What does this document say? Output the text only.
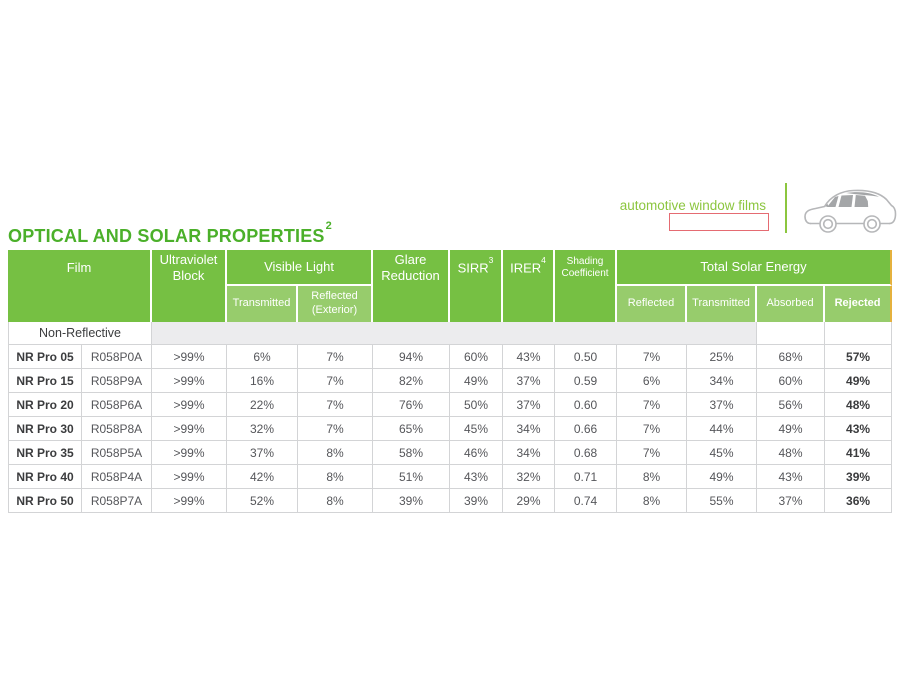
automotive window films
OPTICAL AND SOLAR PROPERTIES$^2$
Film		Ultraviolet Block	Visible Light		Glare Reduction	SIRR$^3$	IRER$^4$	Shading Coefficient	Total Solar Energy			
			Transmitted	Reflected (Exterior)					Reflected	Transmitted	Absorbed	Rejected
Non-Reflective												
NR Pro 05	R058P0A	>99%	6%	7%	94%	60%	43%	0.50	7%	25%	68%	57%
NR Pro 15	R058P9A	>99%	16%	7%	82%	49%	37%	0.59	6%	34%	60%	49%
NR Pro 20	R058P6A	>99%	22%	7%	76%	50%	37%	0.60	7%	37%	56%	48%
NR Pro 30	R058P8A	>99%	32%	7%	65%	45%	34%	0.66	7%	44%	49%	43%
NR Pro 35	R058P5A	>99%	37%	8%	58%	46%	34%	0.68	7%	45%	48%	41%
NR Pro 40	R058P4A	>99%	42%	8%	51%	43%	32%	0.71	8%	49%	43%	39%
NR Pro 50	R058P7A	>99%	52%	8%	39%	39%	29%	0.74	8%	55%	37%	36%
